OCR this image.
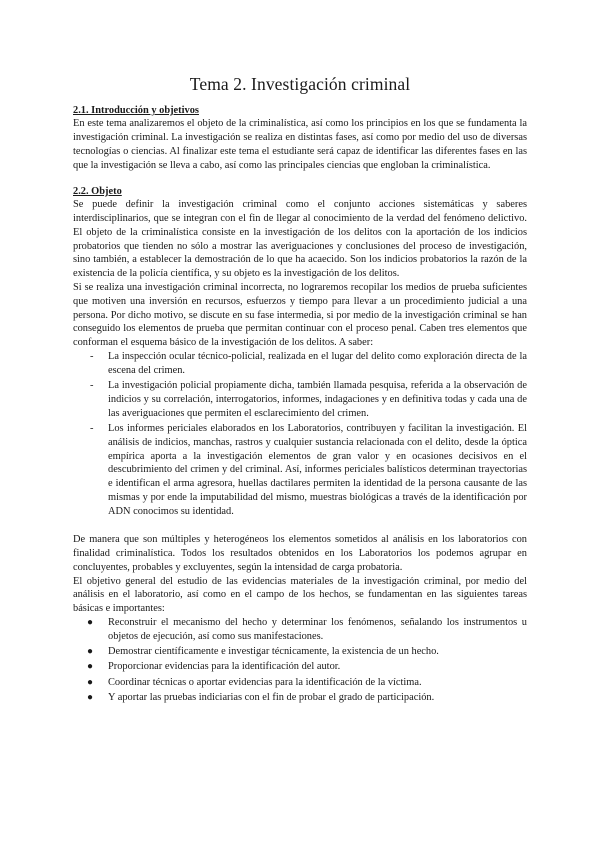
Tema 2. Investigación criminal
2.1. Introducción y objetivos

En este tema analizaremos el objeto de la criminalística, así como los principios en los que se fundamenta la investigación criminal. La investigación se realiza en distintas fases, así como por medio del uso de diversas tecnologías o ciencias. Al finalizar este tema el estudiante será capaz de identificar las diferentes fases en las que la investigación se lleva a cabo, así como las principales ciencias que engloban la criminalística.

2.2. Objeto

Se puede definir la investigación criminal como el conjunto acciones sistemáticas y saberes interdisciplinarios, que se integran con el fin de llegar al conocimiento de la verdad del fenómeno delictivo. El objeto de la criminalística consiste en la investigación de los delitos con la aportación de los indicios probatorios que tienden no sólo a mostrar las averiguaciones y conclusiones del proceso de investigación, sino también, a establecer la demostración de lo que ha acaecido. Son los indicios probatorios la razón de la existencia de la policía científica, y su objeto es la investigación de los delitos.

Si se realiza una investigación criminal incorrecta, no lograremos recopilar los medios de prueba suficientes que motiven una inversión en recursos, esfuerzos y tiempo para llevar a un procedimiento judicial a una persona. Por dicho motivo, se discute en su fase intermedia, si por medio de la investigación criminal se han conseguido los elementos de prueba que permitan continuar con el proceso penal. Caben tres elementos que conforman el esquema básico de la investigación de los delitos. A saber:

- La inspección ocular técnico-policial, realizada en el lugar del delito como exploración directa de la escena del crimen.
- La investigación policial propiamente dicha, también llamada pesquisa, referida a la observación de indicios y su correlación, interrogatorios, informes, indagaciones y en definitiva todas y cada una de las averiguaciones que permiten el esclarecimiento del crimen.
- Los informes periciales elaborados en los Laboratorios, contribuyen y facilitan la investigación. El análisis de indicios, manchas, rastros y cualquier sustancia relacionada con el delito, desde la óptica empírica aporta a la investigación elementos de gran valor y en ocasiones decisivos en el descubrimiento del crimen y del criminal. Así, informes periciales balísticos determinan trayectorias e identifican el arma agresora, huellas dactilares permiten la identidad de la persona causante de las mismas y por ende la imputabilidad del mismo, muestras biológicas a través de la identificación por ADN conocimos su identidad.

De manera que son múltiples y heterogéneos los elementos sometidos al análisis en los laboratorios con finalidad criminalística. Todos los resultados obtenidos en los Laboratorios los podemos agrupar en concluyentes, probables y excluyentes, según la intensidad de carga probatoria.

El objetivo general del estudio de las evidencias materiales de la investigación criminal, por medio del análisis en el laboratorio, así como en el campo de los hechos, se fundamentan en las siguientes tareas básicas e importantes:

● Reconstruir el mecanismo del hecho y determinar los fenómenos, señalando los instrumentos u objetos de ejecución, así como sus manifestaciones.
● Demostrar científicamente e investigar técnicamente, la existencia de un hecho.
● Proporcionar evidencias para la identificación del autor.
● Coordinar técnicas o aportar evidencias para la identificación de la víctima.
● Y aportar las pruebas indiciarias con el fin de probar el grado de participación.
